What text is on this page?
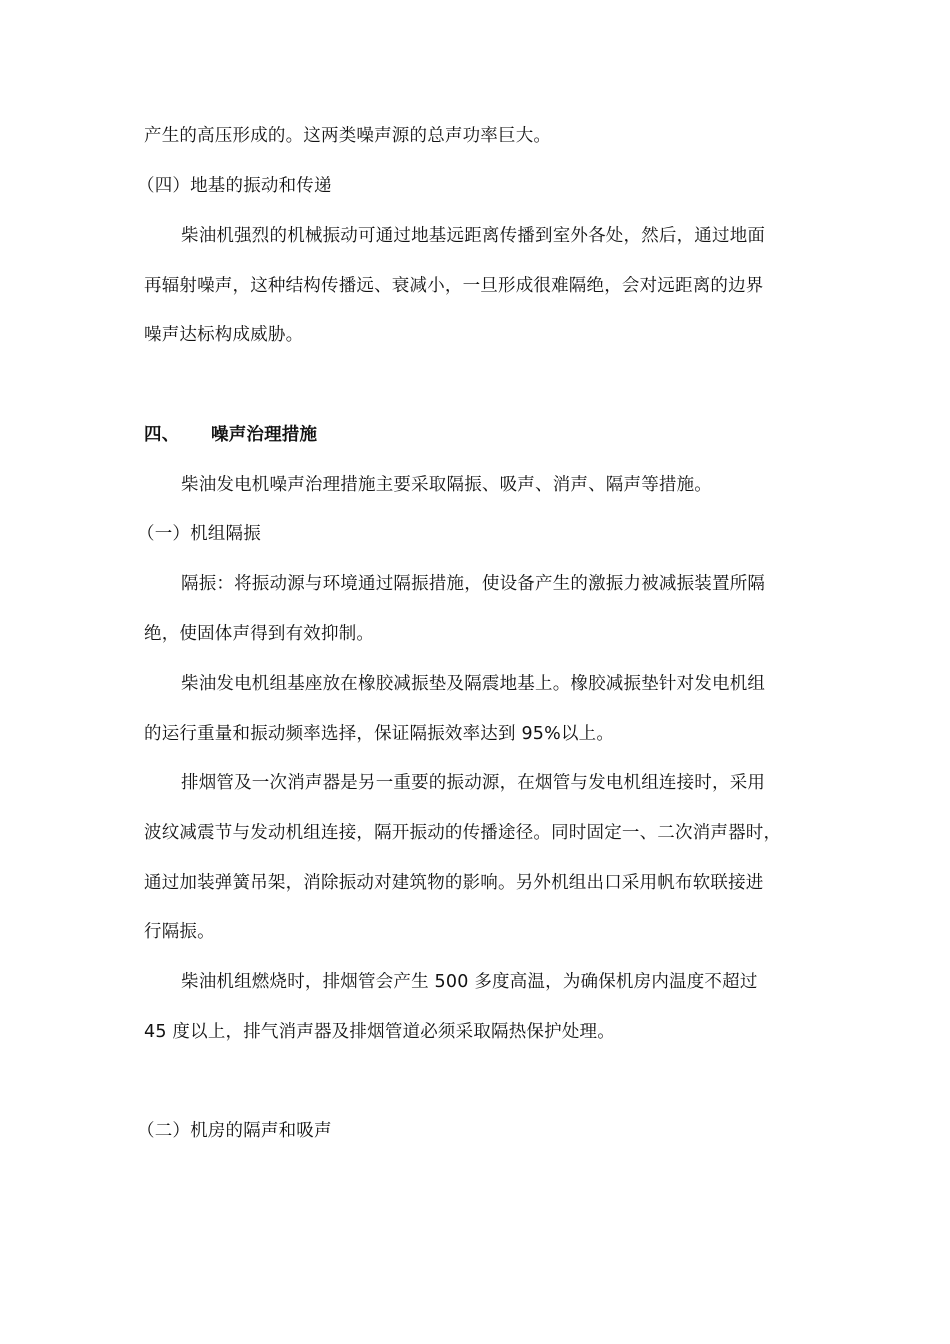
产生的高压形成的。这两类噪声源的总声功率巨大。
（四）地基的振动和传递
柴油机强烈的机械振动可通过地基远距离传播到室外各处，然后，通过地面
再辐射噪声，这种结构传播远、衰减小，一旦形成很难隔绝，会对远距离的边界
噪声达标构成威胁。
四、 噪声治理措施
柴油发电机噪声治理措施主要采取隔振、吸声、消声、隔声等措施。
（一）机组隔振
隔振：将振动源与环境通过隔振措施，使设备产生的激振力被减振装置所隔
绝，使固体声得到有效抑制。
柴油发电机组基座放在橡胶减振垫及隔震地基上。橡胶减振垫针对发电机组
的运行重量和振动频率选择，保证隔振效率达到 95%以上。
排烟管及一次消声器是另一重要的振动源，在烟管与发电机组连接时，采用
波纹减震节与发动机组连接，隔开振动的传播途径。同时固定一、二次消声器时，
通过加装弹簧吊架，消除振动对建筑物的影响。另外机组出口采用帆布软联接进
行隔振。
柴油机组燃烧时，排烟管会产生 500 多度高温，为确保机房内温度不超过
45 度以上，排气消声器及排烟管道必须采取隔热保护处理。
（二）机房的隔声和吸声
